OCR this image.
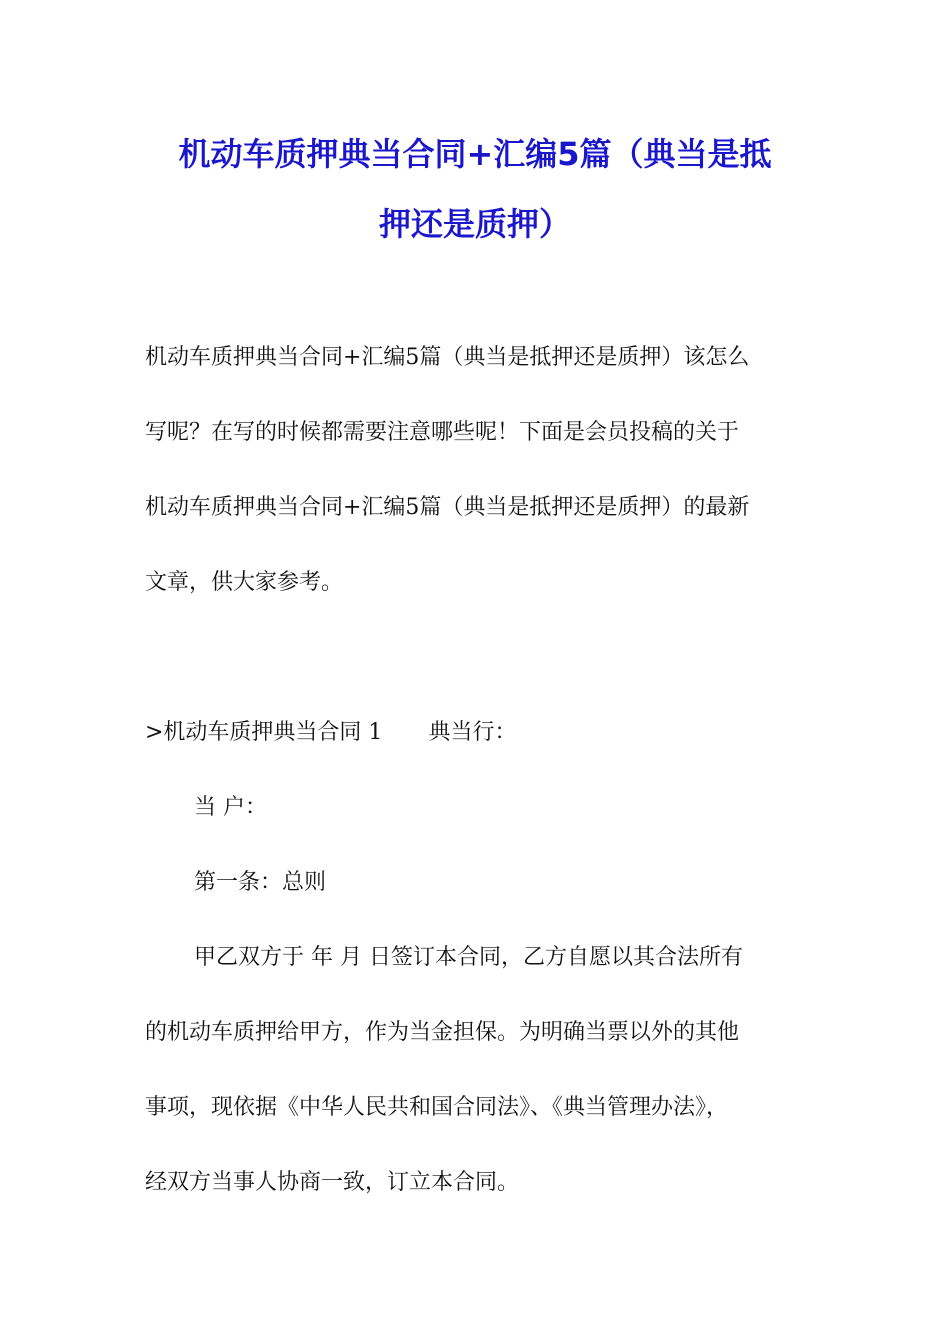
机动车质押典当合同+汇编5篇（典当是抵
押还是质押）
机动车质押典当合同+汇编5篇（典当是抵押还是质押）该怎么
写呢？在写的时候都需要注意哪些呢！下面是会员投稿的关于
机动车质押典当合同+汇编5篇（典当是抵押还是质押）的最新
文章，供大家参考。
>机动车质押典当合同 1 典当行：
当 户：
第一条：总则
甲乙双方于 年 月 日签订本合同，乙方自愿以其合法所有
的机动车质押给甲方，作为当金担保。为明确当票以外的其他
事项，现依据《中华人民共和国合同法》、《典当管理办法》，
经双方当事人协商一致，订立本合同。
